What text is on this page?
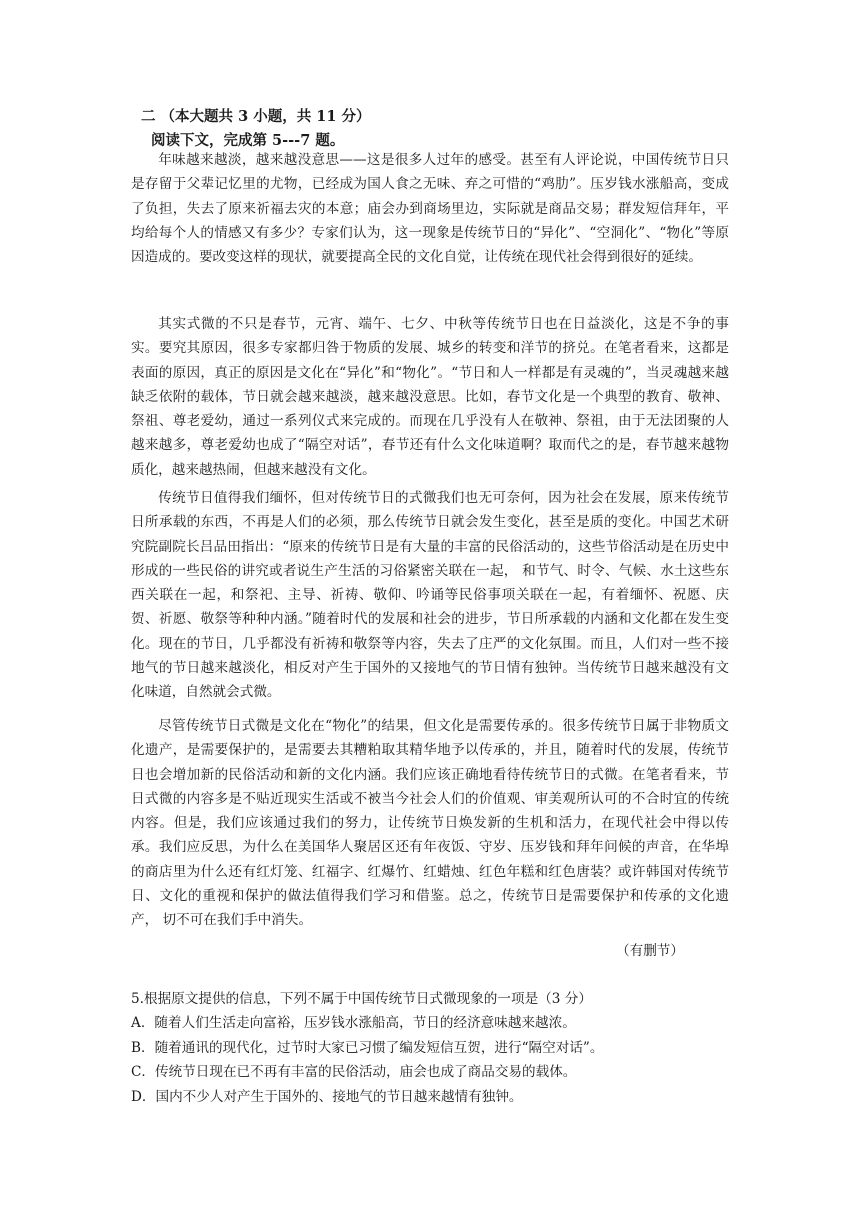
二 （本大题共 3 小题，共 11 分）
阅读下文，完成第 5---7 题。

年味越来越淡，越来越没意思——这是很多人过年的感受。甚至有人评论说，中国传统节日只是存留于父辈记忆里的尤物，已经成为国人食之无味、弃之可惜的“鸡肋”。压岁钱水涨船高，变成了负担，失去了原来祈福去灾的本意；庙会办到商场里边，实际就是商品交易；群发短信拜年，平均给每个人的情感又有多少？专家们认为，这一现象是传统节日的“异化”、“空洞化”、“物化”等原因造成的。要改变这样的现状，就要提高全民的文化自觉，让传统在现代社会得到很好的延续。

其实式微的不只是春节，元宵、端午、七夕、中秋等传统节日也在日益淡化，这是不争的事实。要究其原因，很多专家都归咎于物质的发展、城乡的转变和洋节的挤兑。在笔者看来，这都是表面的原因，真正的原因是文化在“异化”和“物化”。“节日和人一样都是有灵魂的”，当灵魂越来越缺乏依附的载体，节日就会越来越淡，越来越没意思。比如，春节文化是一个典型的教育、敬神、祭祖、尊老爱幼，通过一系列仪式来完成的。而现在几乎没有人在敬神、祭祖，由于无法团聚的人越来越多，尊老爱幼也成了“隔空对话”，春节还有什么文化味道啊？取而代之的是，春节越来越物质化，越来越热闹，但越来越没有文化。

传统节日值得我们缅怀，但对传统节日的式微我们也无可奈何，因为社会在发展，原来传统节日所承载的东西，不再是人们的必须，那么传统节日就会发生变化，甚至是质的变化。中国艺术研究院副院长吕品田指出：“原来的传统节日是有大量的丰富的民俗活动的，这些节俗活动是在历史中形成的一些民俗的讲究或者说生产生活的习俗紧密关联在一起， 和节气、时令、气候、水土这些东西关联在一起，和祭祀、主导、祈祷、敬仰、吟诵等民俗事项关联在一起，有着缅怀、祝愿、庆贺、祈愿、敬祭等种种内涵。”随着时代的发展和社会的进步，节日所承载的内涵和文化都在发生变化。现在的节日，几乎都没有祈祷和敬祭等内容，失去了庄严的文化氛围。而且，人们对一些不接地气的节日越来越淡化，相反对产生于国外的又接地气的节日情有独钟。当传统节日越来越没有文化味道，自然就会式微。

尽管传统节日式微是文化在“物化”的结果，但文化是需要传承的。很多传统节日属于非物质文化遗产，是需要保护的，是需要去其糟粕取其精华地予以传承的，并且，随着时代的发展，传统节日也会增加新的民俗活动和新的文化内涵。我们应该正确地看待传统节日的式微。在笔者看来，节日式微的内容多是不贴近现实生活或不被当今社会人们的价值观、审美观所认可的不合时宜的传统内容。但是，我们应该通过我们的努力，让传统节日焕发新的生机和活力，在现代社会中得以传承。我们应反思，为什么在美国华人聚居区还有年夜饭、守岁、压岁钱和拜年问候的声音，在华埠的商店里为什么还有红灯笼、红福字、红爆竹、红蜡烛、红色年糕和红色唐装？或许韩国对传统节日、文化的重视和保护的做法值得我们学习和借鉴。总之，传统节日是需要保护和传承的文化遗产， 切不可在我们手中消失。

（有删节）
5.根据原文提供的信息，下列不属于中国传统节日式微现象的一项是（3 分）
A．随着人们生活走向富裕，压岁钱水涨船高，节日的经济意味越来越浓。
B．随着通讯的现代化，过节时大家已习惯了编发短信互贺，进行“隔空对话”。
C．传统节日现在已不再有丰富的民俗活动，庙会也成了商品交易的载体。
D．国内不少人对产生于国外的、接地气的节日越来越情有独钟。
